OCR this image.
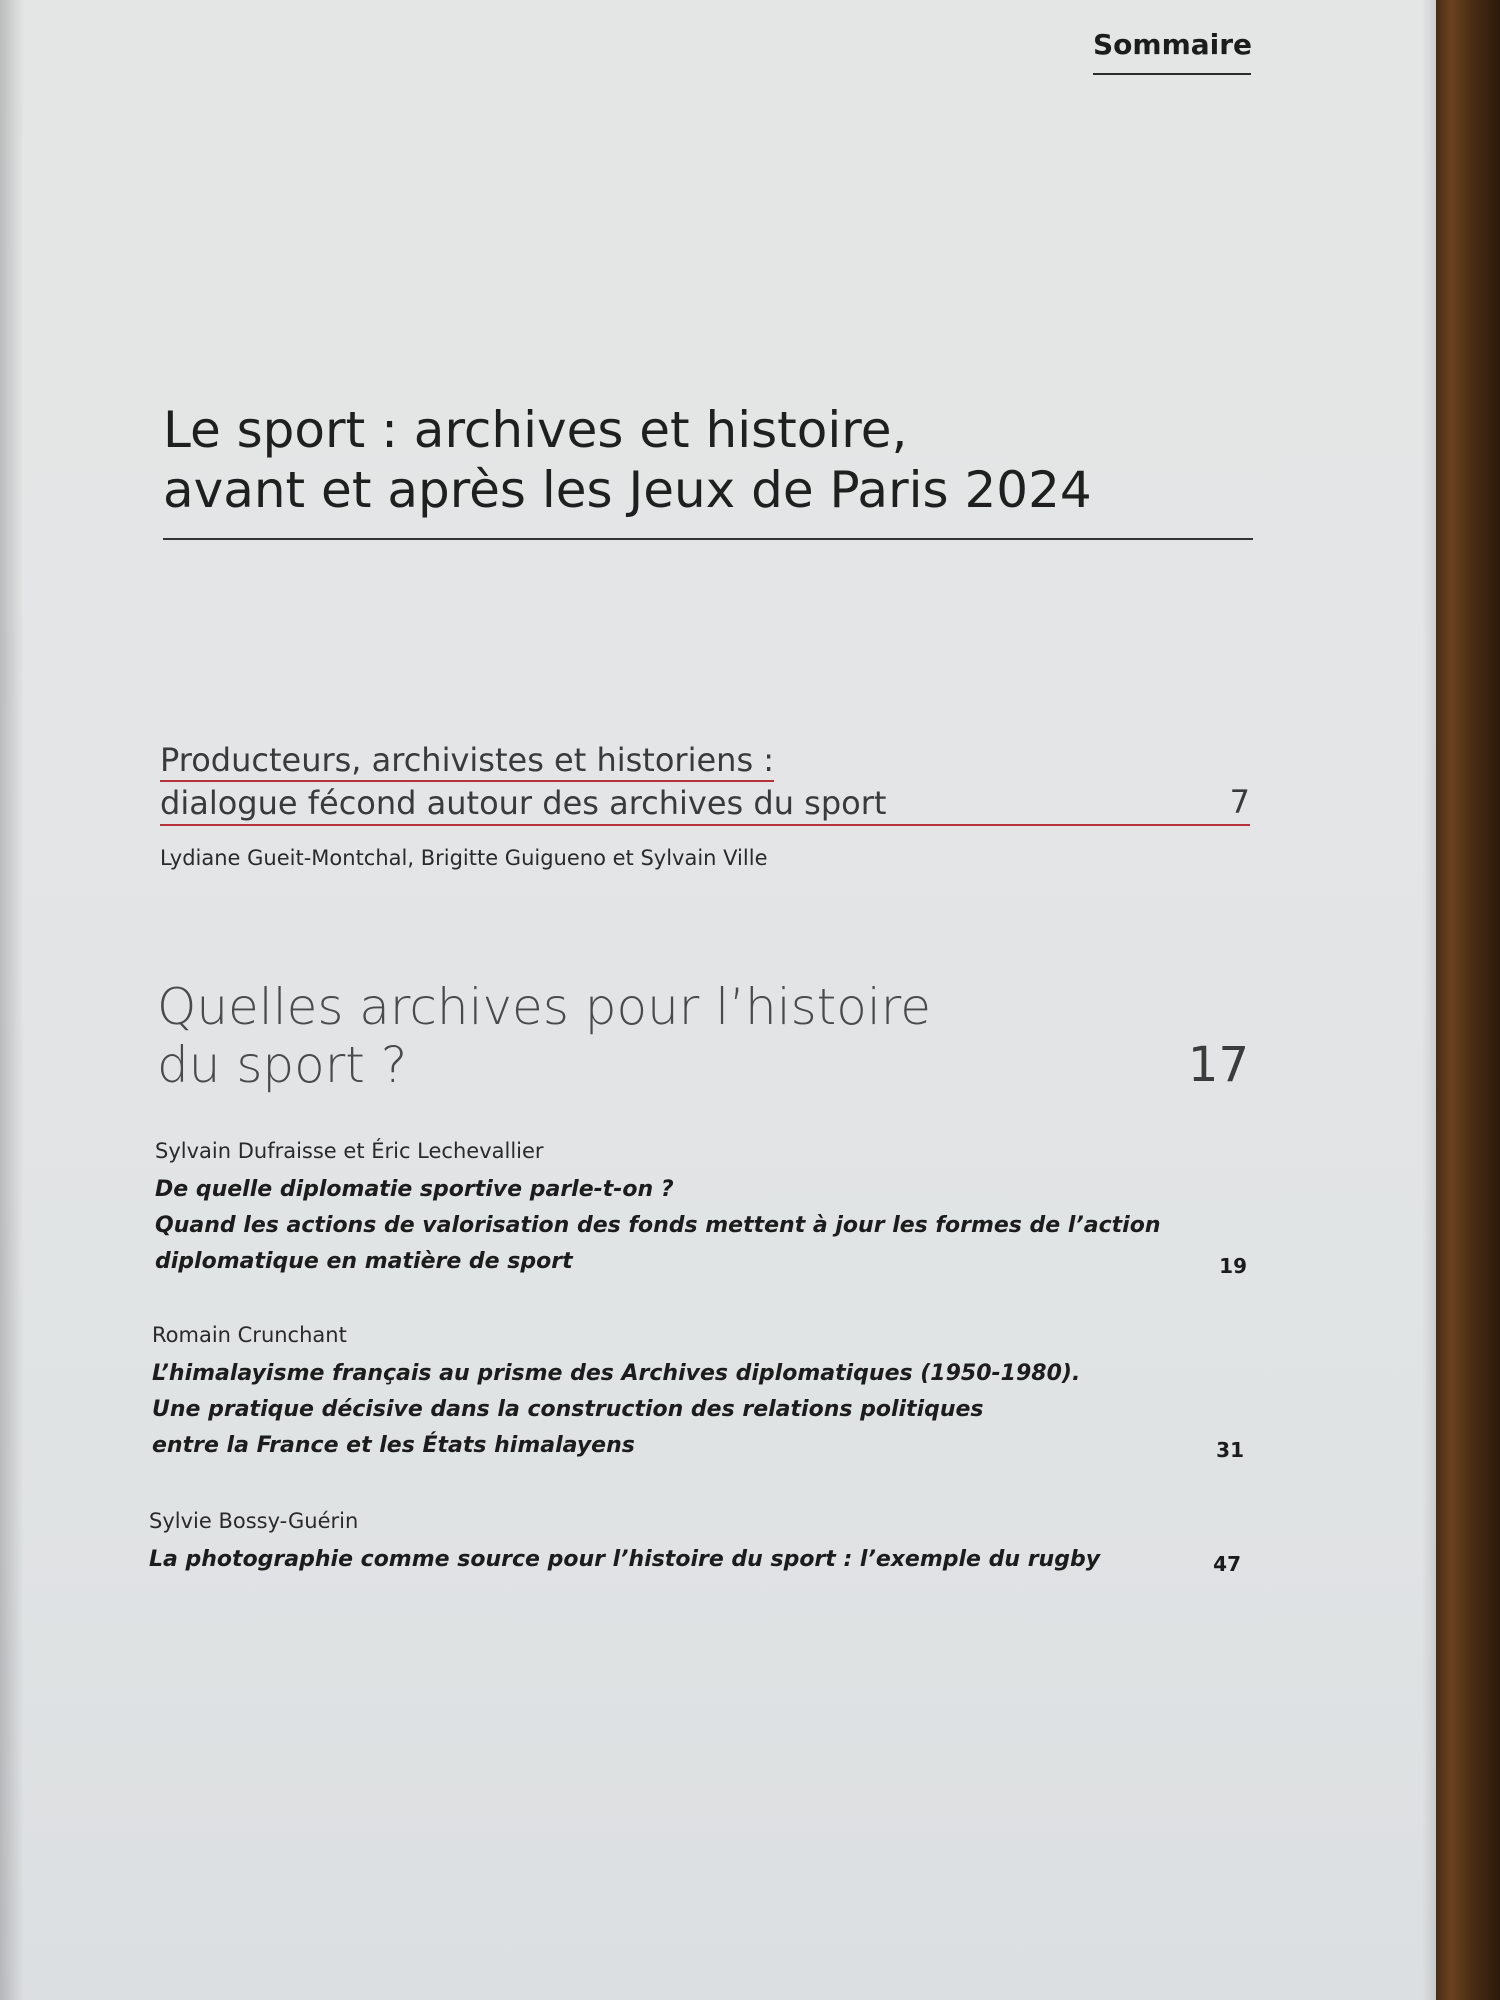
Sommaire
Le sport : archives et histoire,
avant et après les Jeux de Paris 2024
Producteurs, archivistes et historiens :
dialogue fécond autour des archives du sport	7
Lydiane Gueit-Montchal, Brigitte Guigueno et Sylvain Ville
Quelles archives pour l’histoire
du sport ?	17
Sylvain Dufraisse et Éric Lechevallier
De quelle diplomatie sportive parle-t-on ?
Quand les actions de valorisation des fonds mettent à jour les formes de l’action
diplomatique en matière de sport	19
Romain Crunchant
L’himalayisme français au prisme des Archives diplomatiques (1950-1980).
Une pratique décisive dans la construction des relations politiques
entre la France et les États himalayens	31
Sylvie Bossy-Guérin
La photographie comme source pour l’histoire du sport : l’exemple du rugby	47
